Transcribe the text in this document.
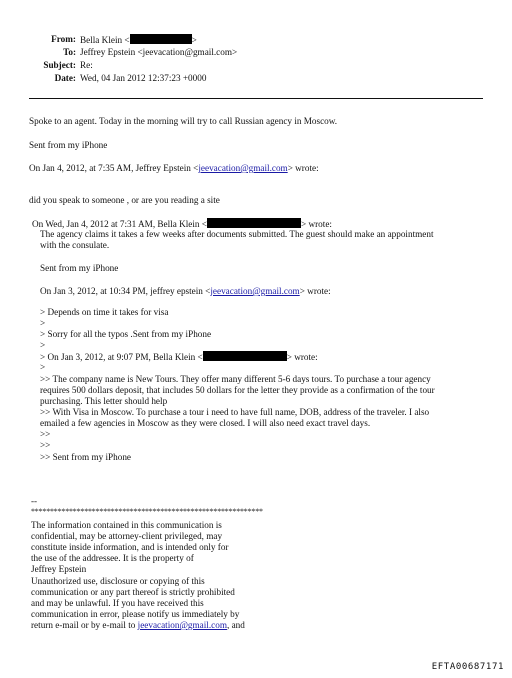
From: Bella Klein <	>
To: Jeffrey Epstein <jeevacation@gmail.com>
Subject: Re:
Date: Wed, 04 Jan 2012 12:37:23 +0000
Spoke to an agent. Today in the morning will try to call Russian agency in Moscow.
Sent from my iPhone
On Jan 4, 2012, at 7:35 AM, Jeffrey Epstein <jeevacation@gmail.com> wrote:
did you speak to someone , or are you reading a site
On Wed, Jan 4, 2012 at 7:31 AM, Bella Klein <	> wrote:
The agency claims it takes a few weeks after documents submitted. The guest should make an appointment
with the consulate.
Sent from my iPhone
On Jan 3, 2012, at 10:34 PM, jeffrey epstein <jeevacation@gmail.com> wrote:
> Depends on time it takes for visa
>
> Sorry for all the typos .Sent from my iPhone
>
> On Jan 3, 2012, at 9:07 PM, Bella Klein <	> wrote:
>
>> The company name is New Tours. They offer many different 5-6 days tours. To purchase a tour agency
requires 500 dollars deposit, that includes 50 dollars for the letter they provide as a confirmation of the tour
purchasing. This letter should help
>> With Visa in Moscow. To purchase a tour i need to have full name, DOB, address of the traveler. I also
emailed a few agencies in Moscow as they were closed. I will also need exact travel days.
>>
>>
>> Sent from my iPhone
--
*************************************************************
The information contained in this communication is
confidential, may be attorney-client privileged, may
constitute inside information, and is intended only for
the use of the addressee. It is the property of
Jeffrey Epstein
Unauthorized use, disclosure or copying of this
communication or any part thereof is strictly prohibited
and may be unlawful. If you have received this
communication in error, please notify us immediately by
return e-mail or by e-mail to jeevacation@gmail.com, and
EFTA00687171
